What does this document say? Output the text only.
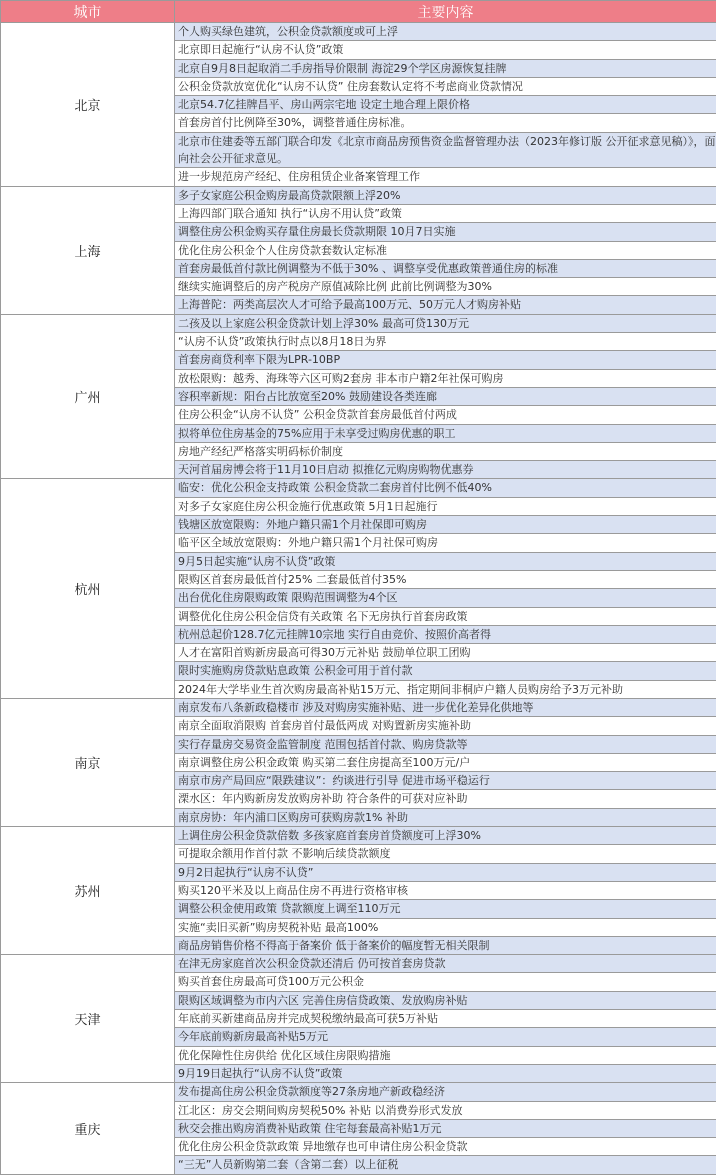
城市	主要内容
北京	个人购买绿色建筑，公积金贷款额度或可上浮
	北京即日起施行“认房不认贷”政策
	北京自9月8日起取消二手房指导价限制 海淀29个学区房源恢复挂牌
	公积金贷款放宽优化“认房不认贷” 住房套数认定将不考虑商业贷款情况
	北京54.7亿挂牌昌平、房山两宗宅地 设定土地合理上限价格
	首套房首付比例降至30%，调整普通住房标准。
	北京市住建委等五部门联合印发《北京市商品房预售资金监督管理办法（2023年修订版 公开征求意见稿）》，面向社会公开征求意见。
	进一步规范房产经纪、住房租赁企业备案管理工作
上海	多子女家庭公积金购房最高贷款限额上浮20%
	上海四部门联合通知 执行“认房不用认贷”政策
	调整住房公积金购买存量住房最长贷款期限 10月7日实施
	优化住房公积金个人住房贷款套数认定标准
	首套房最低首付款比例调整为不低于30% 、调整享受优惠政策普通住房的标准
	继续实施调整后的房产税房产原值减除比例 此前比例调整为30%
	上海普陀：两类高层次人才可给予最高100万元、50万元人才购房补贴
广州	二孩及以上家庭公积金贷款计划上浮30% 最高可贷130万元
	“认房不认贷”政策执行时点以8月18日为界
	首套房商贷利率下限为LPR-10BP
	放松限购：越秀、海珠等六区可购2套房 非本市户籍2年社保可购房
	容积率新规：阳台占比放宽至20% 鼓励建设各类连廊
	住房公积金“认房不认贷” 公积金贷款首套房最低首付两成
	拟将单位住房基金的75%应用于未享受过购房优惠的职工
	房地产经纪严格落实明码标价制度
	天河首届房博会将于11月10日启动 拟推亿元购房购物优惠券
杭州	临安：优化公积金支持政策 公积金贷款二套房首付比例不低40%
	对多子女家庭住房公积金施行优惠政策 5月1日起施行
	钱塘区放宽限购：外地户籍只需1个月社保即可购房
	临平区全域放宽限购：外地户籍只需1个月社保可购房
	9月5日起实施“认房不认贷”政策
	限购区首套房最低首付25% 二套最低首付35%
	出台优化住房限购政策 限购范围调整为4个区
	调整优化住房公积金信贷有关政策 名下无房执行首套房政策
	杭州总起价128.7亿元挂牌10宗地 实行自由竞价、按照价高者得
	人才在富阳首购新房最高可得30万元补贴 鼓励单位职工团购
	限时实施购房贷款贴息政策 公积金可用于首付款
	2024年大学毕业生首次购房最高补贴15万元、指定期间非桐庐户籍人员购房给予3万元补助
南京	南京发布八条新政稳楼市 涉及对购房实施补贴、进一步优化差异化供地等
	南京全面取消限购 首套房首付最低两成 对购置新房实施补助
	实行存量房交易资金监管制度 范围包括首付款、购房贷款等
	南京调整住房公积金政策 购买第二套住房提高至100万元/户
	南京市房产局回应“限跌建议”：约谈进行引导 促进市场平稳运行
	溧水区：年内购新房发放购房补助 符合条件的可获对应补助
	南京房协：年内浦口区购房可获购房款1% 补助
苏州	上调住房公积金贷款倍数 多孩家庭首套房首贷额度可上浮30%
	可提取余额用作首付款 不影响后续贷款额度
	9月2日起执行“认房不认贷”
	购买120平米及以上商品住房不再进行资格审核
	调整公积金使用政策 贷款额度上调至110万元
	实施“卖旧买新”购房契税补贴 最高100%
	商品房销售价格不得高于备案价 低于备案价的幅度暂无相关限制
天津	在津无房家庭首次公积金贷款还清后 仍可按首套房贷款
	购买首套住房最高可贷100万元公积金
	限购区域调整为市内六区 完善住房信贷政策、发放购房补贴
	年底前买新建商品房并完成契税缴纳最高可获5万补贴
	今年底前购新房最高补贴5万元
	优化保障性住房供给 优化区域住房限购措施
	9月19日起执行“认房不认贷”政策
重庆	发布提高住房公积金贷款额度等27条房地产新政稳经济
	江北区：房交会期间购房契税50% 补贴 以消费券形式发放
	秋交会推出购房消费补贴政策 住宅每套最高补贴1万元
	优化住房公积金贷款政策 异地缴存也可申请住房公积金贷款
	“三无”人员新购第二套（含第二套）以上征税
